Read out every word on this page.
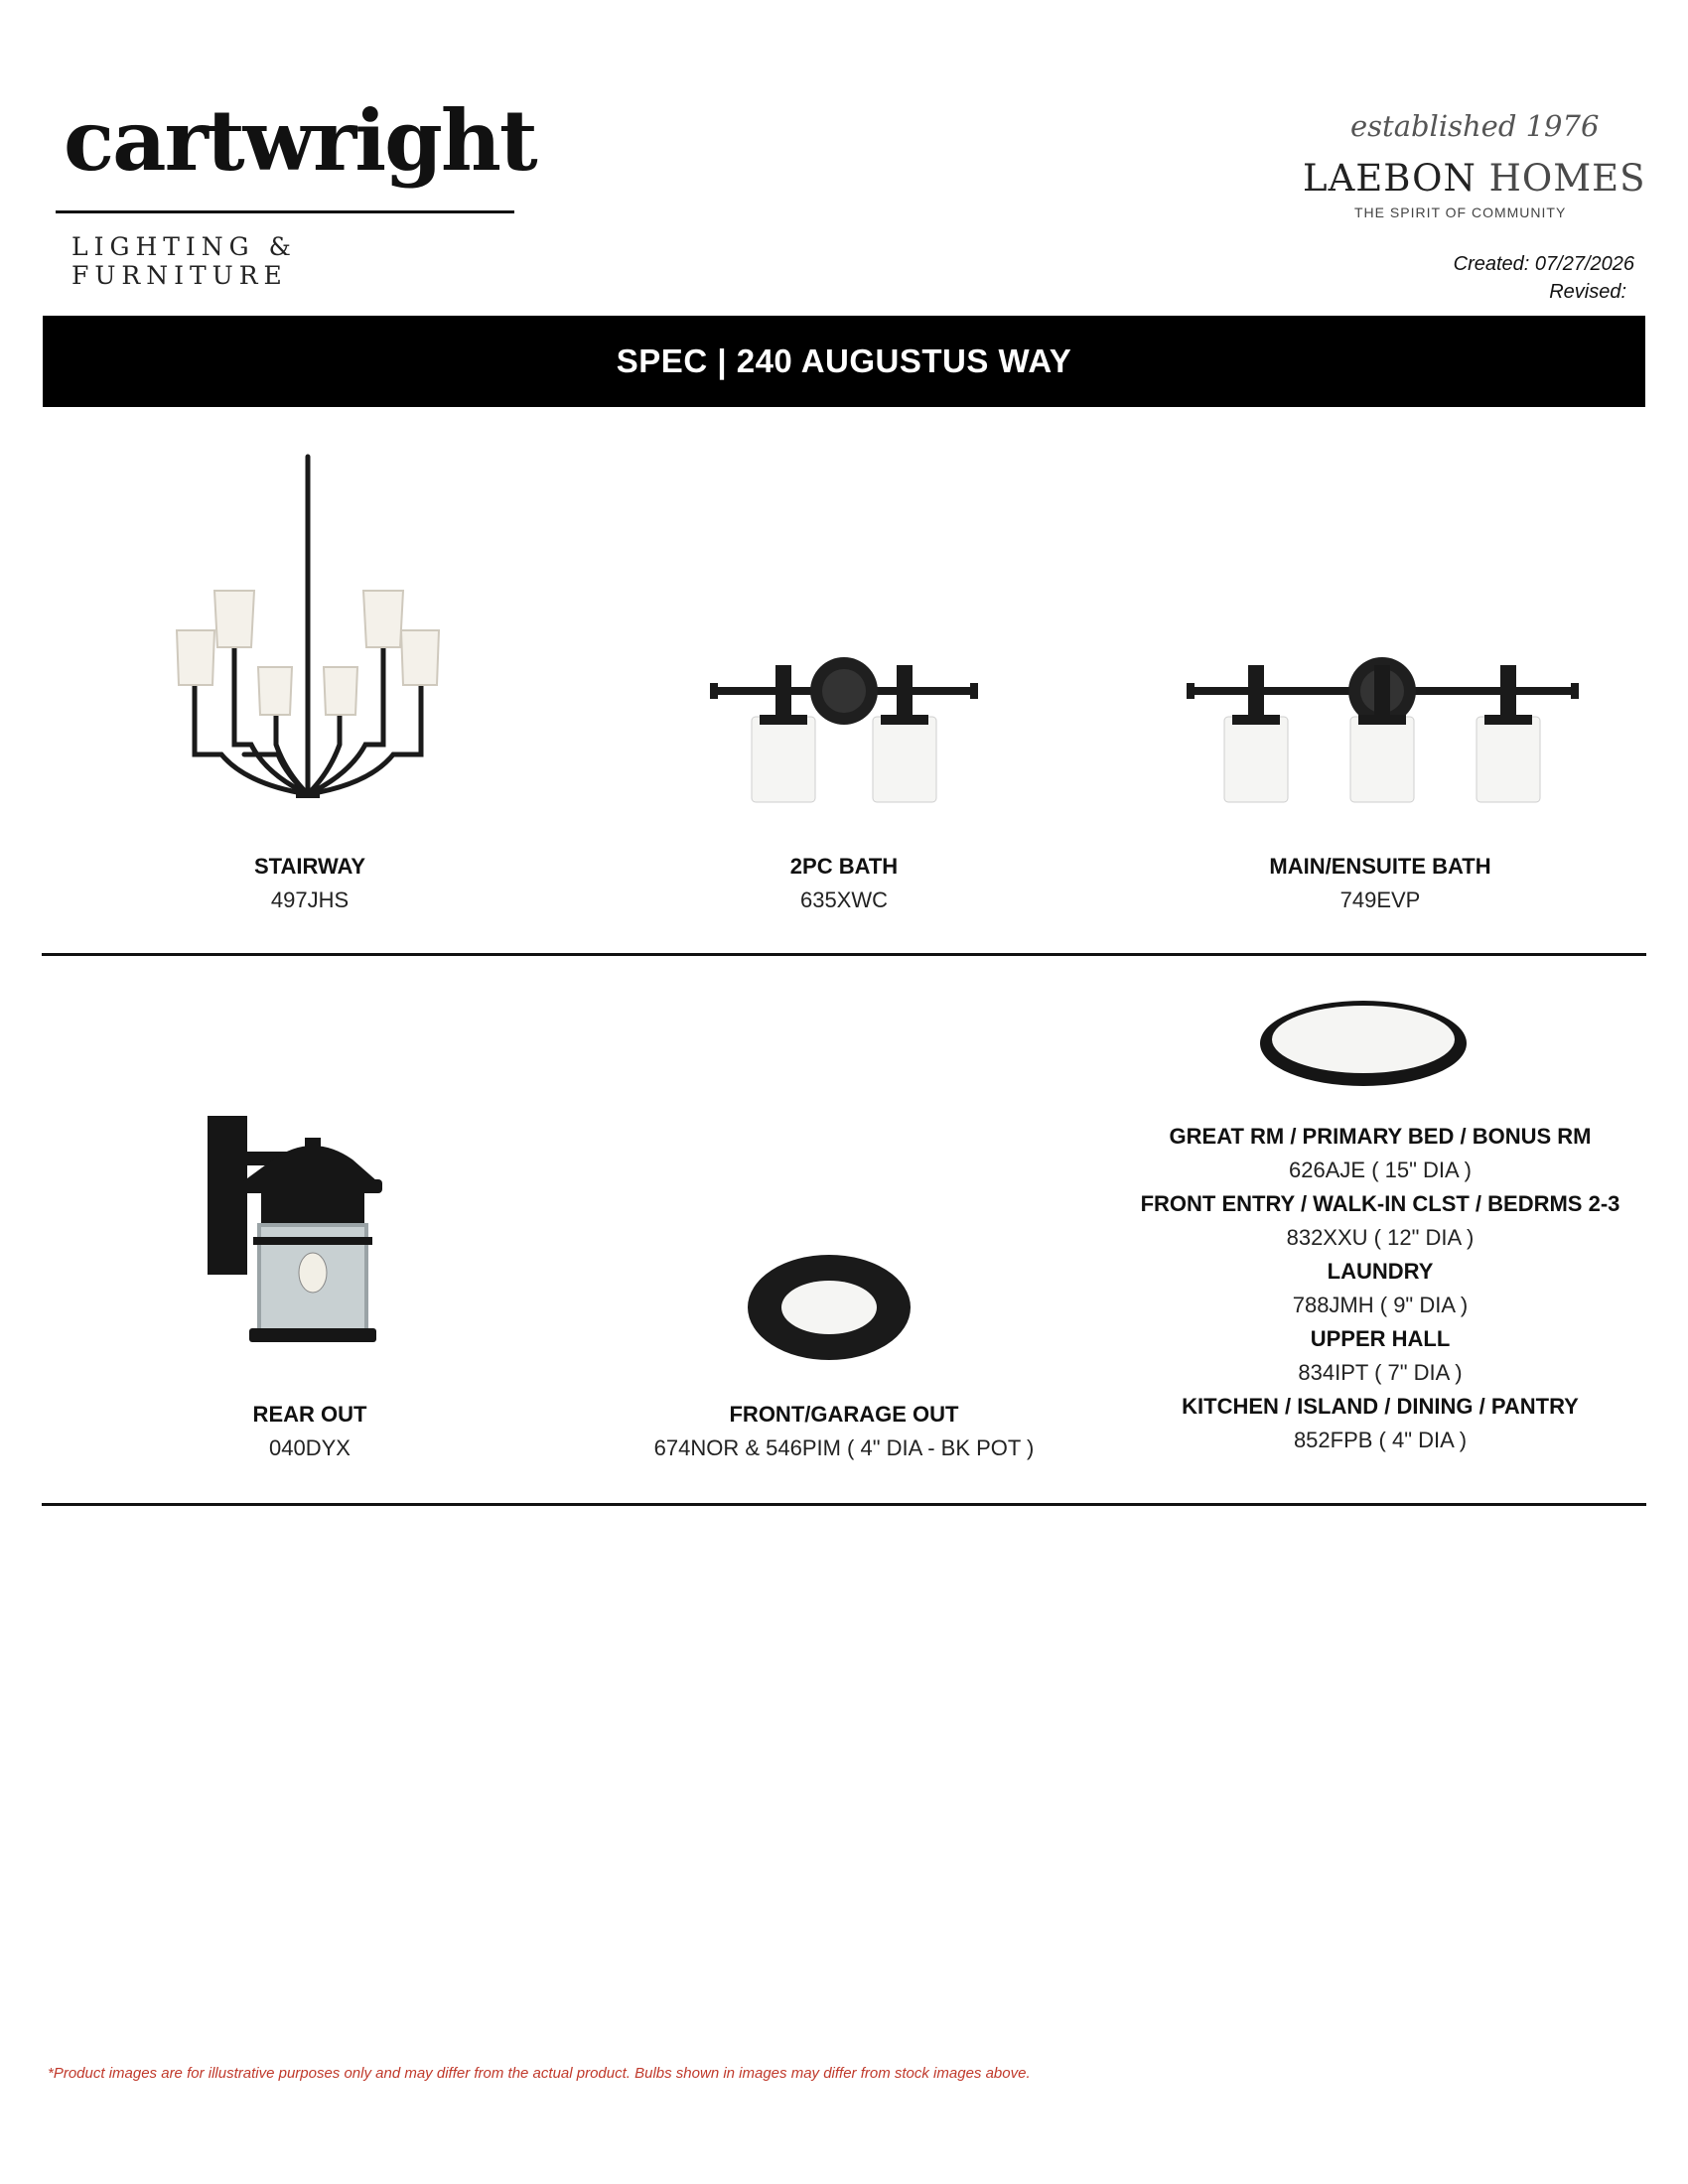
cartwright
LIGHTING & FURNITURE
established 1976
LAEBON HOMES
THE SPIRIT OF COMMUNITY
Created: 07/27/2026
Revised:
SPEC | 240 AUGUSTUS WAY
STAIRWAY
497JHS
2PC BATH
635XWC
MAIN/ENSUITE BATH
749EVP
GREAT RM / PRIMARY BED / BONUS RM
626AJE ( 15" DIA )
FRONT ENTRY / WALK-IN CLST / BEDRMS 2-3
832XXU ( 12" DIA )
LAUNDRY
788JMH ( 9" DIA )
UPPER HALL
834IPT ( 7" DIA )
KITCHEN / ISLAND / DINING / PANTRY
852FPB ( 4" DIA )
REAR OUT
040DYX
FRONT/GARAGE OUT
674NOR & 546PIM ( 4" DIA - BK POT )
*Product images are for illustrative purposes only and may differ from the actual product. Bulbs shown in images may differ from stock images above.
